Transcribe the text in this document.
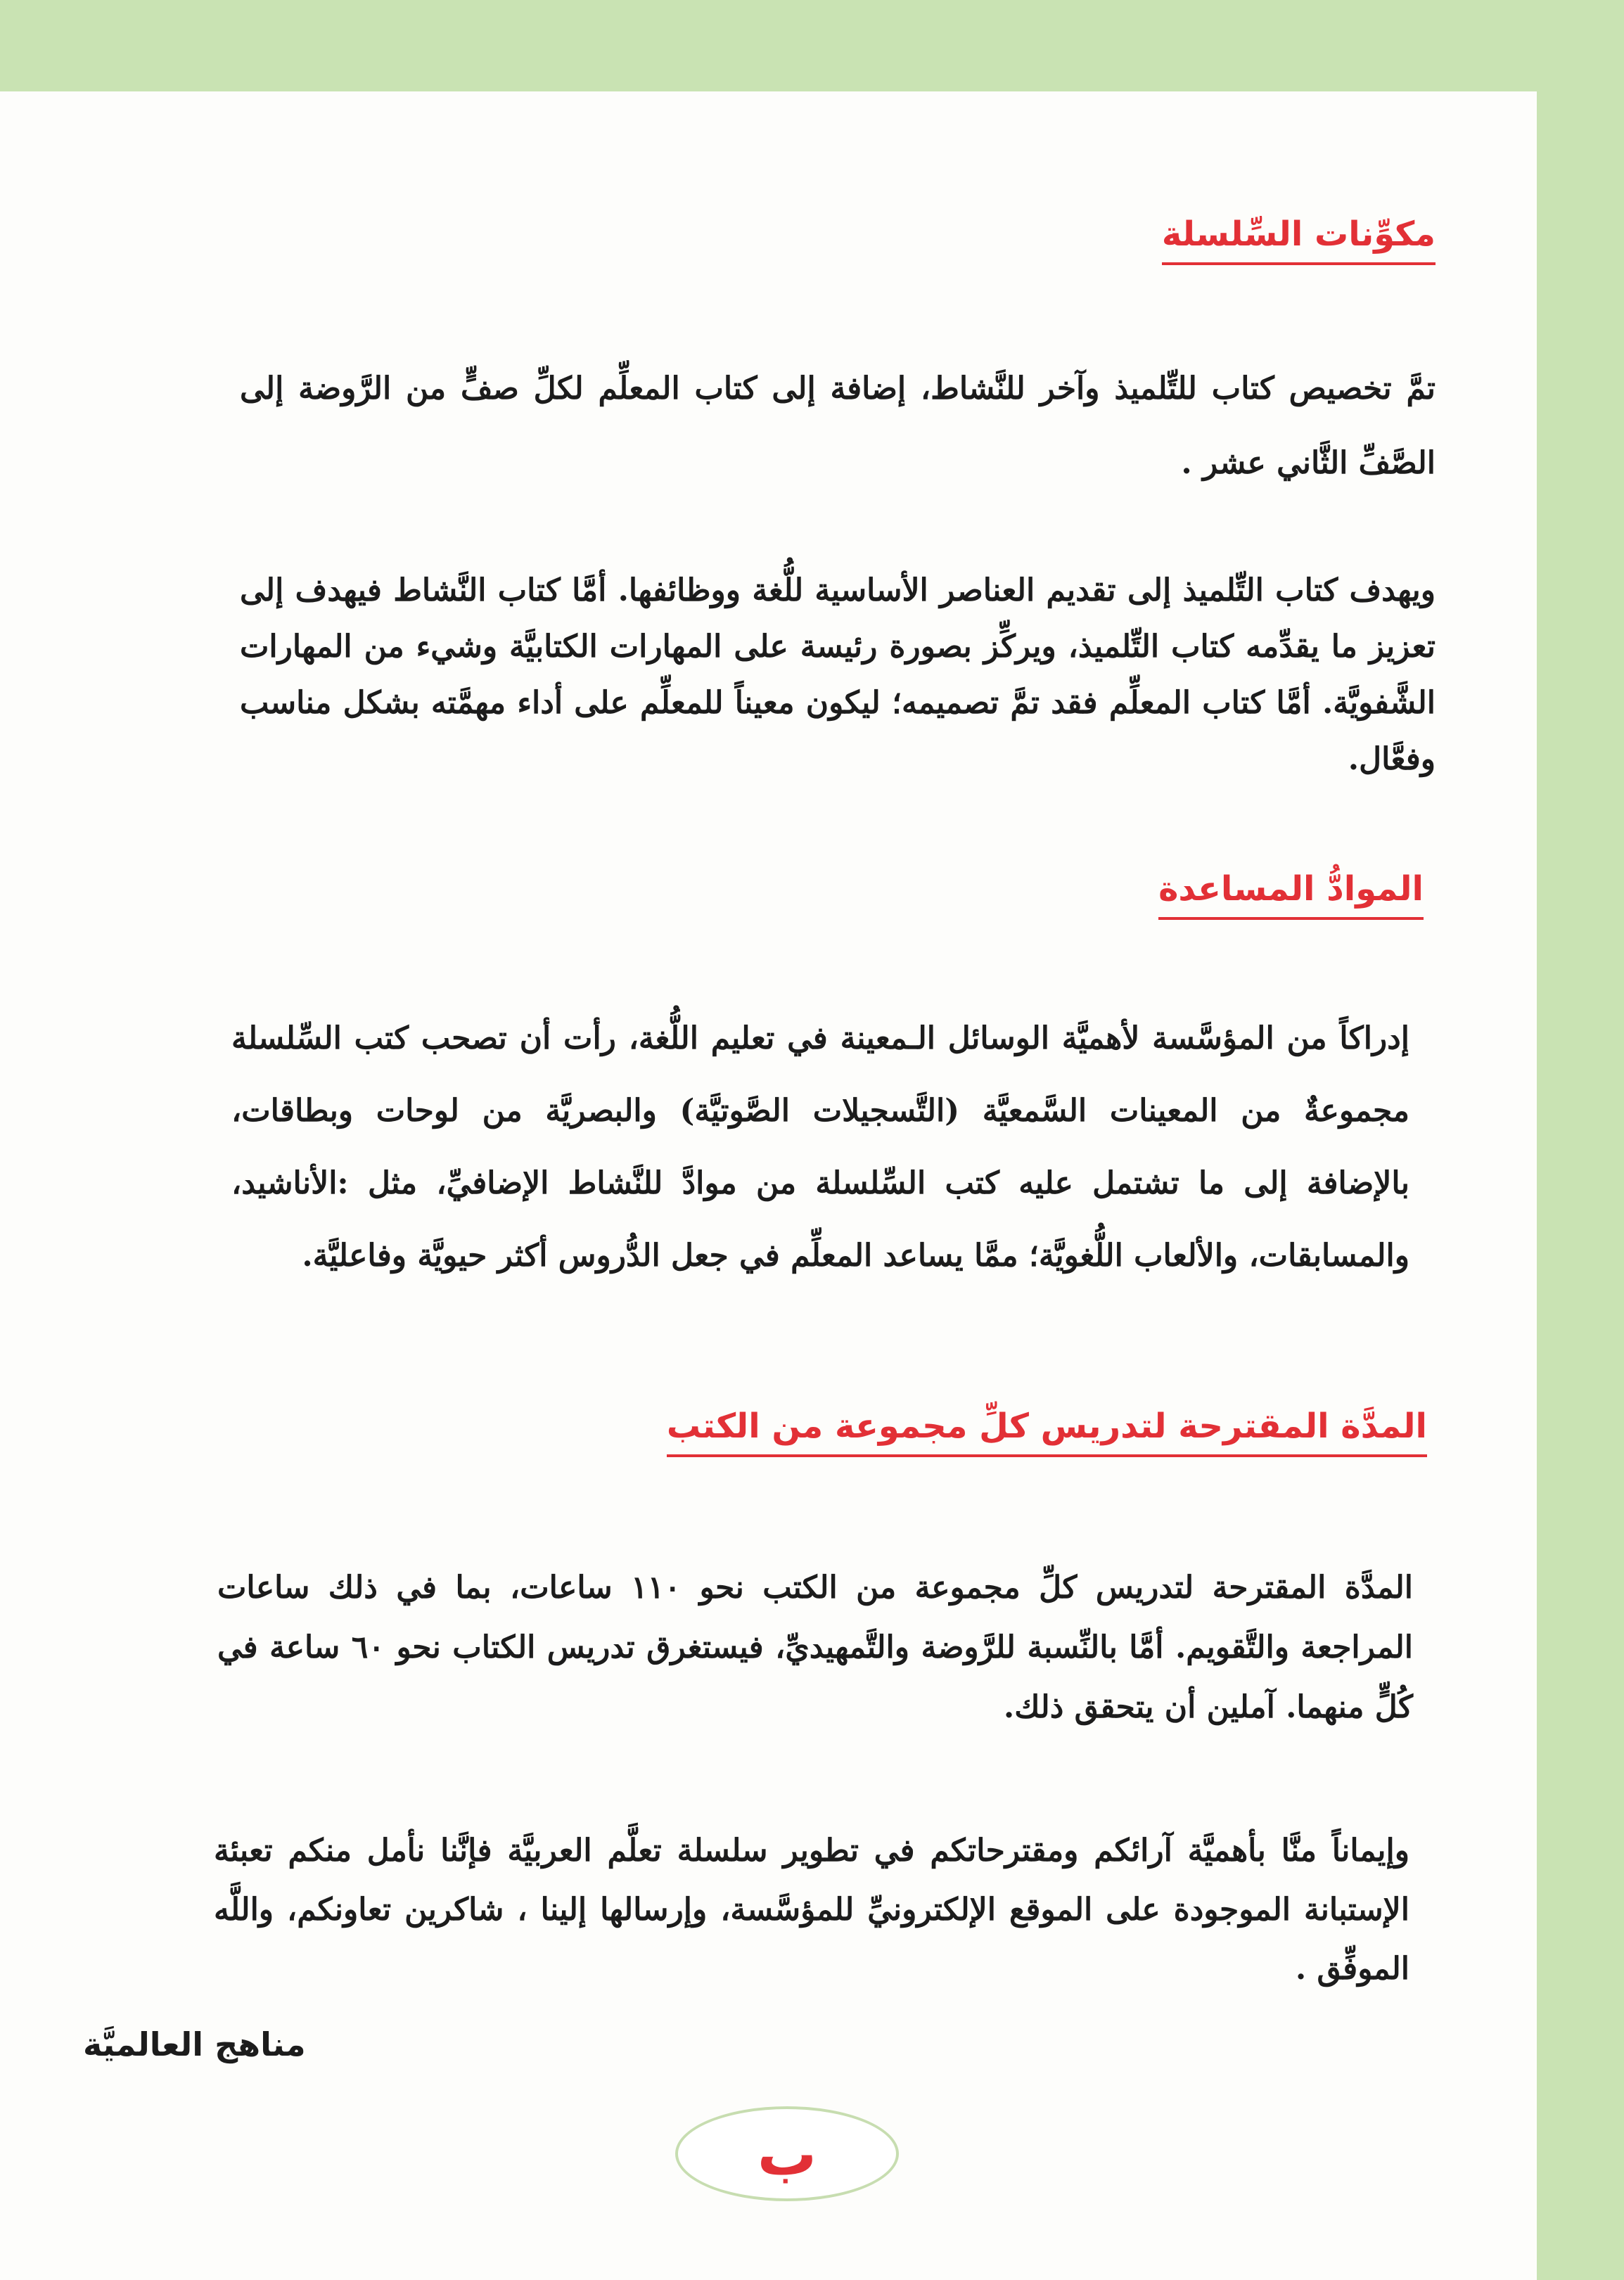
مكوِّنات السِّلسلة

تمَّ تخصيص كتاب للتِّلميذ وآخر للنَّشاط، إضافة إلى كتاب المعلِّم لكلِّ صفٍّ من الرَّوضة إلى الصَّفِّ الثَّاني عشر .

ويهدف كتاب التِّلميذ إلى تقديم العناصر الأساسية للُّغة ووظائفها. أمَّا كتاب النَّشاط فيهدف إلى تعزيز ما يقدِّمه كتاب التِّلميذ، ويركِّز بصورة رئيسة على المهارات الكتابيَّة وشيء من المهارات الشَّفويَّة. أمَّا كتاب المعلِّم فقد تمَّ تصميمه؛ ليكون معيناً للمعلِّم على أداء مهمَّته بشكل مناسب وفعَّال.

الموادُّ المساعدة

إدراكاً من المؤسَّسة لأهميَّة الوسائل الـمعينة في تعليم اللُّغة، رأت أن تصحب كتب السِّلسلة مجموعةٌ من المعينات السَّمعيَّة (التَّسجيلات الصَّوتيَّة) والبصريَّة من لوحات وبطاقات، بالإضافة إلى ما تشتمل عليه كتب السِّلسلة من موادَّ للنَّشاط الإضافيِّ، مثل :الأناشيد، والمسابقات، والألعاب اللُّغويَّة؛ ممَّا يساعد المعلِّم في جعل الدُّروس أكثر حيويَّة وفاعليَّة.

المدَّة المقترحة لتدريس كلِّ مجموعة من الكتب

المدَّة المقترحة لتدريس كلِّ مجموعة من الكتب نحو ١١٠ ساعات، بما في ذلك ساعات المراجعة والتَّقويم. أمَّا بالنِّسبة للرَّوضة والتَّمهيديِّ، فيستغرق تدريس الكتاب نحو ٦٠ ساعة في كُلٍّ منهما. آملين أن يتحقق ذلك.

وإيماناً منَّا بأهميَّة آرائكم ومقترحاتكم في تطوير سلسلة تعلَّم العربيَّة فإنَّنا نأمل منكم تعبئة الإستبانة الموجودة على الموقع الإلكترونيِّ للمؤسَّسة، وإرسالها إلينا ، شاكرين تعاونكم، واللَّه الموفِّق .

مناهج العالميَّة

ب
